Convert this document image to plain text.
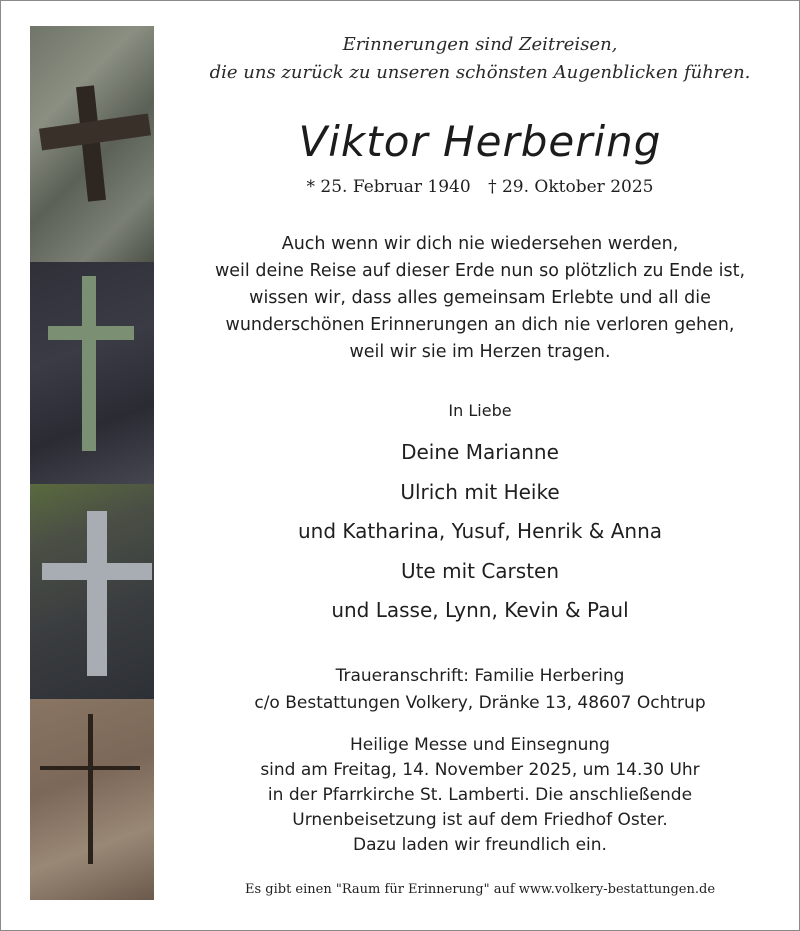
Erinnerungen sind Zeitreisen,
die uns zurück zu unseren schönsten Augenblicken führen.
Viktor Herbering
* 25. Februar 1940 † 29. Oktober 2025
Auch wenn wir dich nie wiedersehen werden,
weil deine Reise auf dieser Erde nun so plötzlich zu Ende ist,
wissen wir, dass alles gemeinsam Erlebte und all die
wunderschönen Erinnerungen an dich nie verloren gehen,
weil wir sie im Herzen tragen.
In Liebe
Deine Marianne
Ulrich mit Heike
und Katharina, Yusuf, Henrik & Anna
Ute mit Carsten
und Lasse, Lynn, Kevin & Paul
Traueranschrift: Familie Herbering
c/o Bestattungen Volkery, Dränke 13, 48607 Ochtrup
Heilige Messe und Einsegnung
sind am Freitag, 14. November 2025, um 14.30 Uhr
in der Pfarrkirche St. Lamberti. Die anschließende
Urnenbeisetzung ist auf dem Friedhof Oster.
Dazu laden wir freundlich ein.
Es gibt einen "Raum für Erinnerung" auf www.volkery-bestattungen.de
